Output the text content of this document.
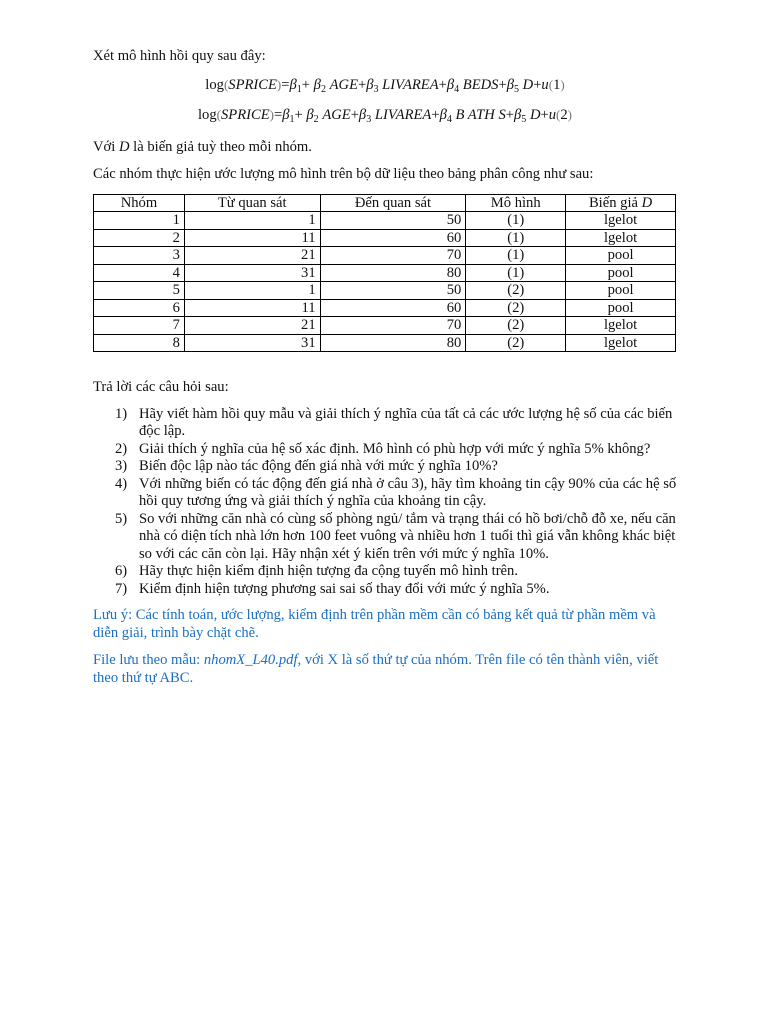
Xét mô hình hồi quy sau đây:

$\log(SPRICE)=\beta_1+ \beta_2$ $AGE+\beta_3$ $LIVAREA+\beta_4$ $BEDS+\beta_5$ D+u(1)
$\log(SPRICE)=\beta_1+ \beta_2$ $AGE+\beta_3$ $LIVAREA+\beta_4$ B ATH $S+\beta_5$ D+u(2)

Với D là biến giả tuỳ theo mỗi nhóm.

Các nhóm thực hiện ước lượng mô hình trên bộ dữ liệu theo bảng phân công như sau:

Nhóm	Từ quan sát	Đến quan sát	Mô hình	Biến giả D
1	1	50	(1)	lgelot
2	11	60	(1)	lgelot
3	21	70	(1)	pool
4	31	80	(1)	pool
5	1	50	(2)	pool
6	11	60	(2)	pool
7	21	70	(2)	lgelot
8	31	80	(2)	lgelot

Trả lời các câu hỏi sau:

1) Hãy viết hàm hồi quy mẫu và giải thích ý nghĩa của tất cả các ước lượng hệ số của các biến độc lập.
2) Giải thích ý nghĩa của hệ số xác định. Mô hình có phù hợp với mức ý nghĩa 5% không?
3) Biến độc lập nào tác động đến giá nhà với mức ý nghĩa 10%?
4) Với những biến có tác động đến giá nhà ở câu 3), hãy tìm khoảng tin cậy 90% của các hệ số hồi quy tương ứng và giải thích ý nghĩa của khoảng tin cậy.
5) So với những căn nhà có cùng số phòng ngủ/ tắm và trạng thái có hồ bơi/chỗ đỗ xe, nếu căn nhà có diện tích nhà lớn hơn 100 feet vuông và nhiều hơn 1 tuổi thì giá vẫn không khác biệt so với các căn còn lại. Hãy nhận xét ý kiến trên với mức ý nghĩa 10%.
6) Hãy thực hiện kiểm định hiện tượng đa cộng tuyến mô hình trên.
7) Kiểm định hiện tượng phương sai sai số thay đổi với mức ý nghĩa 5%.

Lưu ý: Các tính toán, ước lượng, kiểm định trên phần mềm cần có bảng kết quả từ phần mềm và diễn giải, trình bày chặt chẽ.

File lưu theo mẫu: nhomX_L40.pdf, với X là số thứ tự của nhóm. Trên file có tên thành viên, viết theo thứ tự ABC.
